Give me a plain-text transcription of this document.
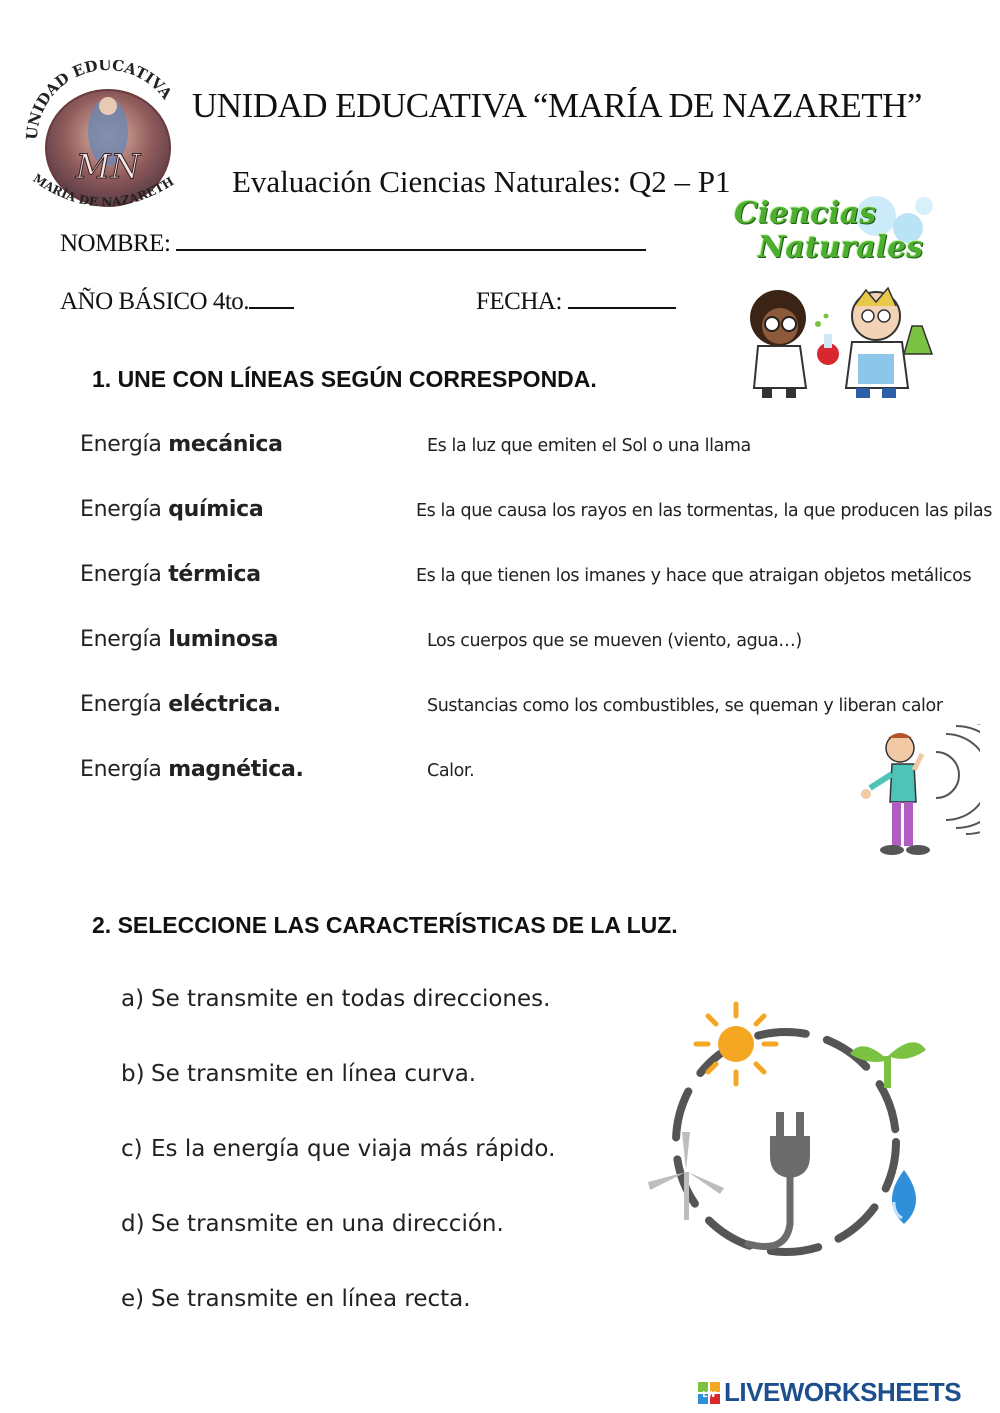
UNIDAD EDUCATIVA
MARÍA DE NAZARETH
MN
UNIDAD EDUCATIVA “MARÍA DE NAZARETH”
Evaluación Ciencias Naturales: Q2 – P1
Ciencias
Naturales
NOMBRE:
AÑO BÁSICO 4to.	FECHA:
1. UNE CON LÍNEAS SEGÚN CORRESPONDA.
Energía mecánica
Energía química
Energía térmica
Energía luminosa
Energía eléctrica.
Energía magnética.
Es la luz que emiten el Sol o una llama
Es la que causa los rayos en las tormentas, la que producen las pilas
Es la que tienen los imanes y hace que atraigan objetos metálicos
Los cuerpos que se mueven (viento, agua…)
Sustancias como los combustibles, se queman y liberan calor
Calor.
2. SELECCIONE LAS CARACTERÍSTICAS DE LA LUZ.
a) Se transmite en todas direcciones.
b) Se transmite en línea curva.
c) Es la energía que viaja más rápido.
d) Se transmite en una dirección.
e) Se transmite en línea recta.
LW LIVEWORKSHEETS
